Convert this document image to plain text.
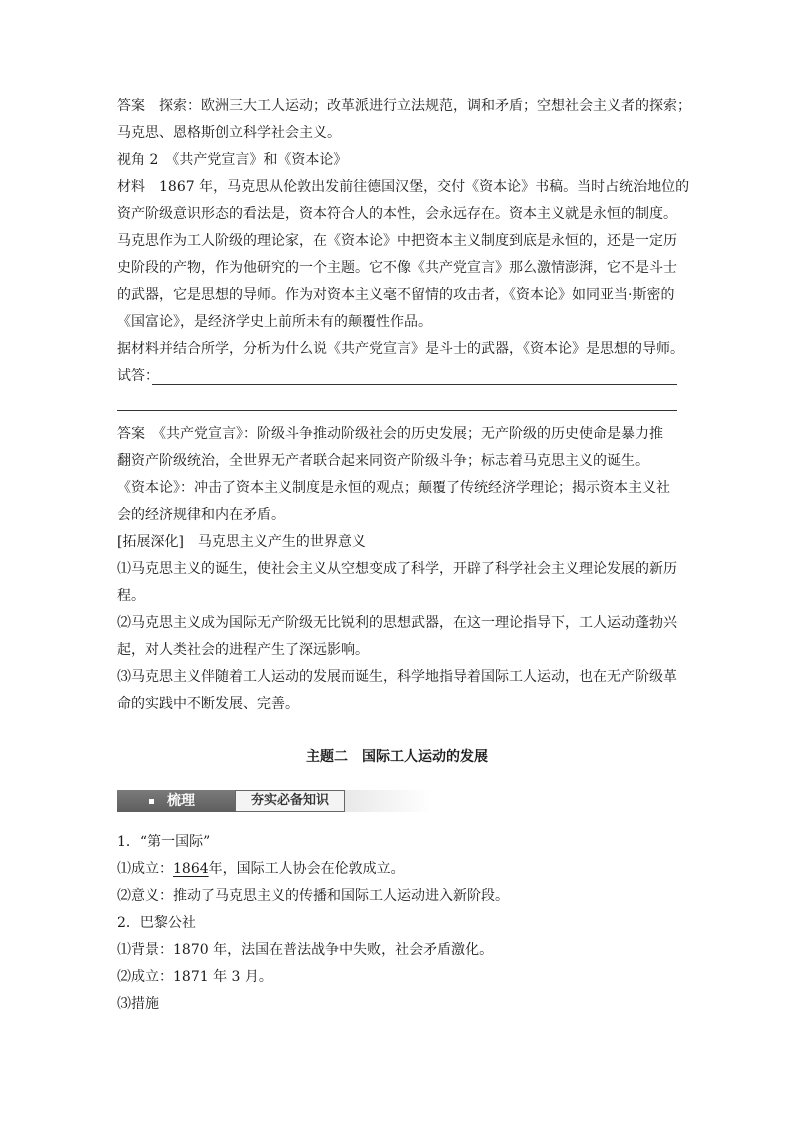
答案　探索：欧洲三大工人运动；改革派进行立法规范，调和矛盾；空想社会主义者的探索；
马克思、恩格斯创立科学社会主义。
视角 2　《共产党宣言》和《资本论》
材料　1867 年，马克思从伦敦出发前往德国汉堡，交付《资本论》书稿。当时占统治地位的
资产阶级意识形态的看法是，资本符合人的本性，会永远存在。资本主义就是永恒的制度。
马克思作为工人阶级的理论家，在《资本论》中把资本主义制度到底是永恒的，还是一定历
史阶段的产物，作为他研究的一个主题。它不像《共产党宣言》那么激情澎湃，它不是斗士
的武器，它是思想的导师。作为对资本主义毫不留情的攻击者，《资本论》如同亚当·斯密的
《国富论》，是经济学史上前所未有的颠覆性作品。
据材料并结合所学，分析为什么说《共产党宣言》是斗士的武器，《资本论》是思想的导师。
试答：
答案　《共产党宣言》：阶级斗争推动阶级社会的历史发展；无产阶级的历史使命是暴力推
翻资产阶级统治，全世界无产者联合起来同资产阶级斗争；标志着马克思主义的诞生。
《资本论》：冲击了资本主义制度是永恒的观点；颠覆了传统经济学理论；揭示资本主义社
会的经济规律和内在矛盾。
[拓展深化]　马克思主义产生的世界意义
⑴马克思主义的诞生，使社会主义从空想变成了科学，开辟了科学社会主义理论发展的新历
程。
⑵马克思主义成为国际无产阶级无比锐利的思想武器，在这一理论指导下，工人运动蓬勃兴
起，对人类社会的进程产生了深远影响。
⑶马克思主义伴随着工人运动的发展而诞生，科学地指导着国际工人运动，也在无产阶级革
命的实践中不断发展、完善。
主题二　国际工人运动的发展
梳理	夯实必备知识
1．“第一国际”
⑴成立：1864年，国际工人协会在伦敦成立。
⑵意义：推动了马克思主义的传播和国际工人运动进入新阶段。
2．巴黎公社
⑴背景：1870 年，法国在普法战争中失败，社会矛盾激化。
⑵成立：1871 年 3 月。
⑶措施
